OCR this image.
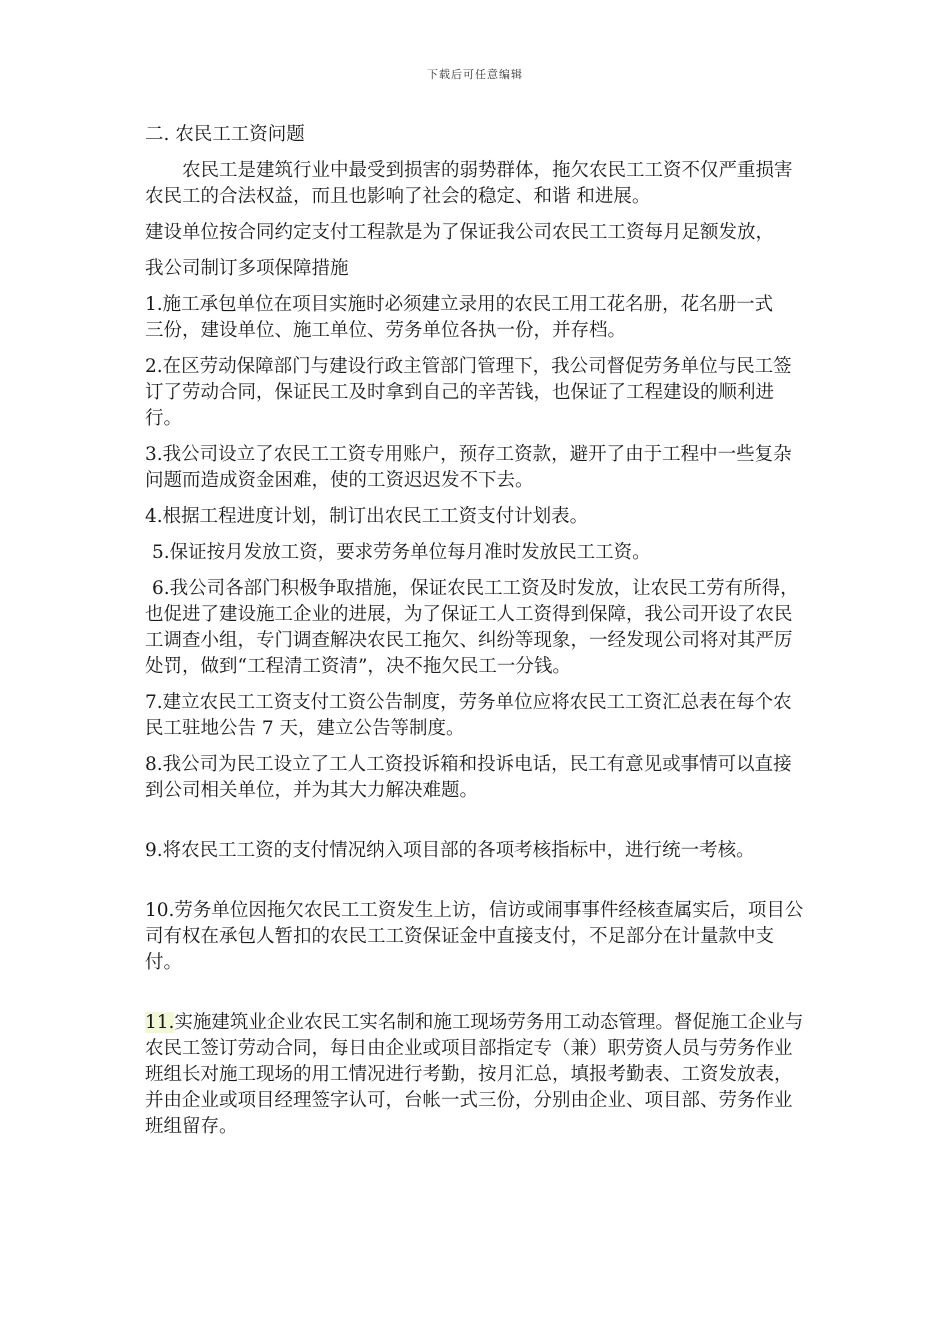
下载后可任意编辑

二. 农民工工资问题

农民工是建筑行业中最受到损害的弱势群体，拖欠农民工工资不仅严重损害农民工的合法权益，而且也影响了社会的稳定、和谐 和进展。

建设单位按合同约定支付工程款是为了保证我公司农民工工资每月足额发放，

我公司制订多项保障措施

1.施工承包单位在项目实施时必须建立录用的农民工用工花名册，花名册一式          三份，建设单位、施工单位、劳务单位各执一份，并存档。

2.在区劳动保障部门与建设行政主管部门管理下，我公司督促劳务单位与民工签订了劳动合同，保证民工及时拿到自己的辛苦钱，也保证了工程建设的顺利进行。

3.我公司设立了农民工工资专用账户，预存工资款，避开了由于工程中一些复杂问题而造成资金困难，使的工资迟迟发不下去。

4.根据工程进度计划，制订出农民工工资支付计划表。

5.保证按月发放工资，要求劳务单位每月准时发放民工工资。

6.我公司各部门积极争取措施，保证农民工工资及时发放，让农民工劳有所得，也促进了建设施工企业的进展，为了保证工人工资得到保障，我公司开设了农民工调查小组，专门调查解决农民工拖欠、纠纷等现象，一经发现公司将对其严厉处罚，做到“工程清工资清”，决不拖欠民工一分钱。

7.建立农民工工资支付工资公告制度，劳务单位应将农民工工资汇总表在每个农民工驻地公告 7 天，建立公告等制度。

8.我公司为民工设立了工人工资投诉箱和投诉电话，民工有意见或事情可以直接到公司相关单位，并为其大力解决难题。

9.将农民工工资的支付情况纳入项目部的各项考核指标中，进行统一考核。

10.劳务单位因拖欠农民工工资发生上访，信访或闹事事件经核查属实后，项目公司有权在承包人暂扣的农民工工资保证金中直接支付，不足部分在计量款中支付。

11.实施建筑业企业农民工实名制和施工现场劳务用工动态管理。督促施工企业与农民工签订劳动合同，每日由企业或项目部指定专（兼）职劳资人员与劳务作业班组长对施工现场的用工情况进行考勤，按月汇总，填报考勤表、工资发放表，并由企业或项目经理签字认可，台帐一式三份，分别由企业、项目部、劳务作业班组留存。
